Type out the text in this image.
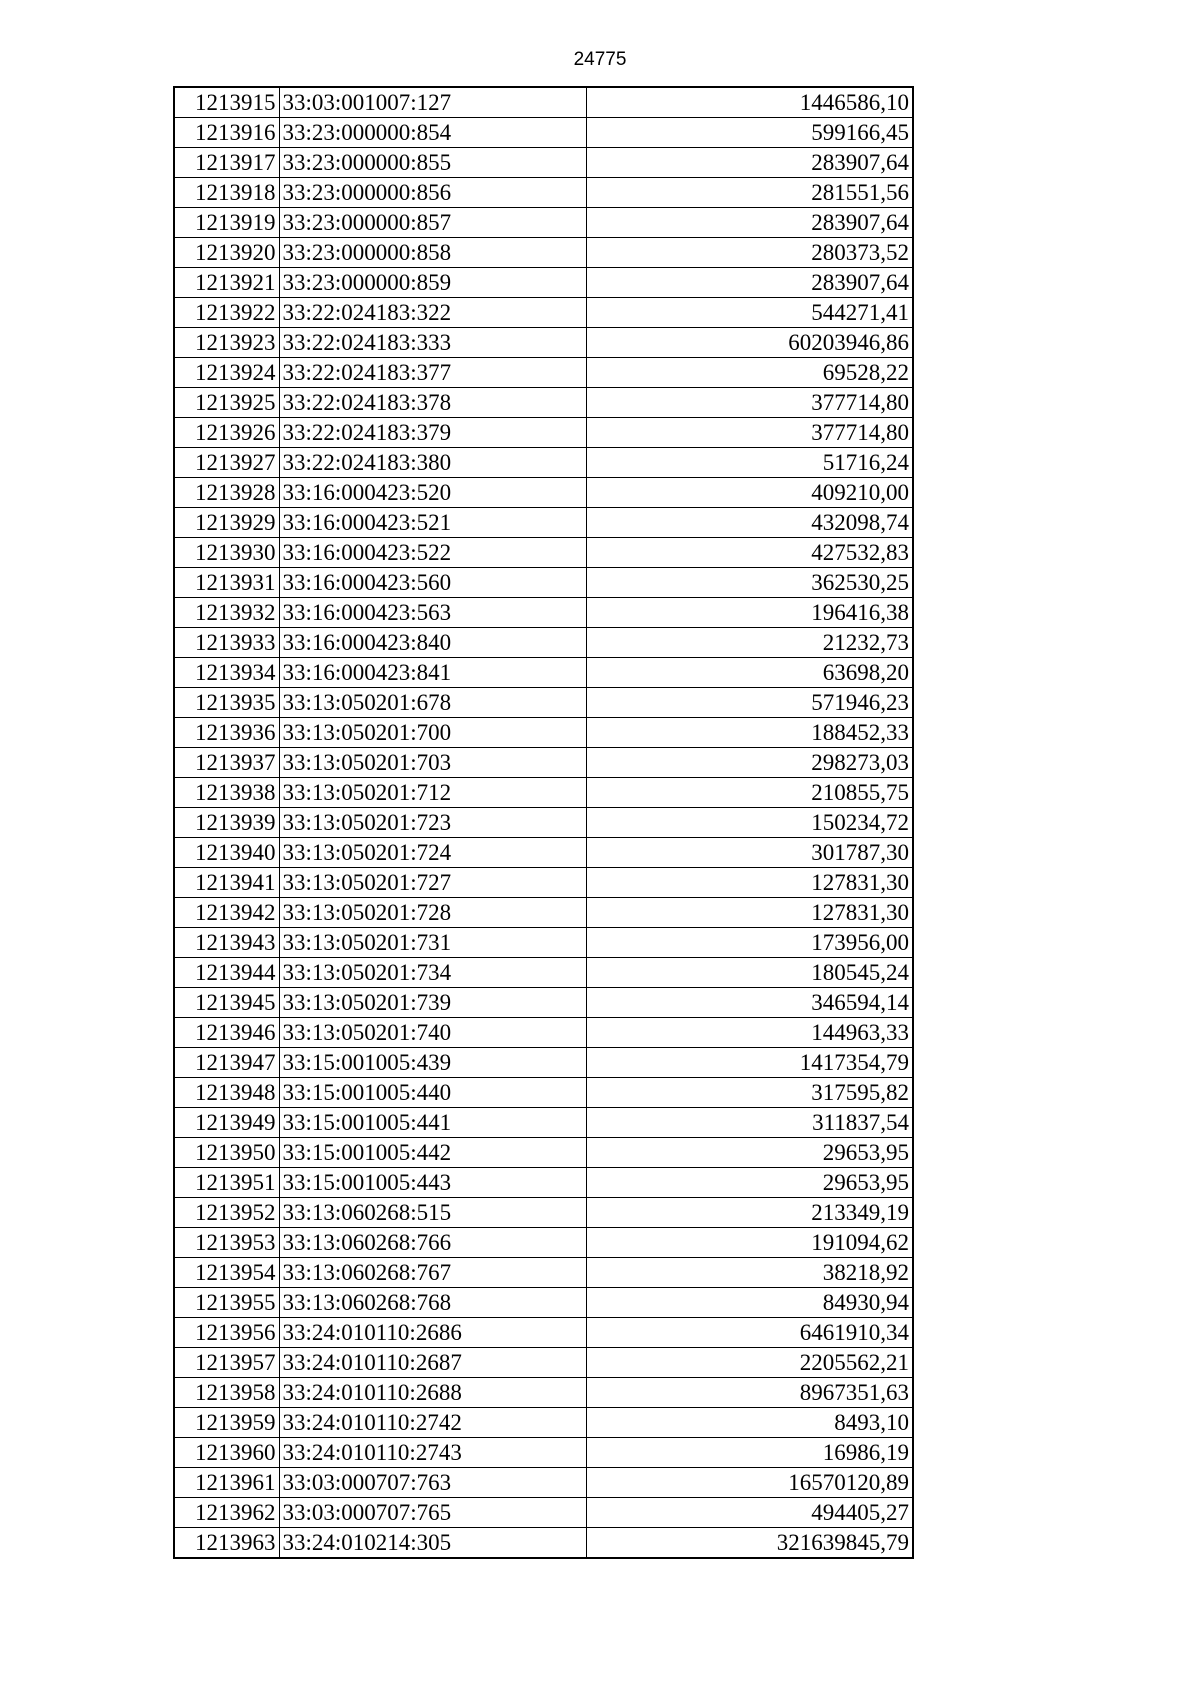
24775
1213915	33:03:001007:127	1446586,10
1213916	33:23:000000:854	599166,45
1213917	33:23:000000:855	283907,64
1213918	33:23:000000:856	281551,56
1213919	33:23:000000:857	283907,64
1213920	33:23:000000:858	280373,52
1213921	33:23:000000:859	283907,64
1213922	33:22:024183:322	544271,41
1213923	33:22:024183:333	60203946,86
1213924	33:22:024183:377	69528,22
1213925	33:22:024183:378	377714,80
1213926	33:22:024183:379	377714,80
1213927	33:22:024183:380	51716,24
1213928	33:16:000423:520	409210,00
1213929	33:16:000423:521	432098,74
1213930	33:16:000423:522	427532,83
1213931	33:16:000423:560	362530,25
1213932	33:16:000423:563	196416,38
1213933	33:16:000423:840	21232,73
1213934	33:16:000423:841	63698,20
1213935	33:13:050201:678	571946,23
1213936	33:13:050201:700	188452,33
1213937	33:13:050201:703	298273,03
1213938	33:13:050201:712	210855,75
1213939	33:13:050201:723	150234,72
1213940	33:13:050201:724	301787,30
1213941	33:13:050201:727	127831,30
1213942	33:13:050201:728	127831,30
1213943	33:13:050201:731	173956,00
1213944	33:13:050201:734	180545,24
1213945	33:13:050201:739	346594,14
1213946	33:13:050201:740	144963,33
1213947	33:15:001005:439	1417354,79
1213948	33:15:001005:440	317595,82
1213949	33:15:001005:441	311837,54
1213950	33:15:001005:442	29653,95
1213951	33:15:001005:443	29653,95
1213952	33:13:060268:515	213349,19
1213953	33:13:060268:766	191094,62
1213954	33:13:060268:767	38218,92
1213955	33:13:060268:768	84930,94
1213956	33:24:010110:2686	6461910,34
1213957	33:24:010110:2687	2205562,21
1213958	33:24:010110:2688	8967351,63
1213959	33:24:010110:2742	8493,10
1213960	33:24:010110:2743	16986,19
1213961	33:03:000707:763	16570120,89
1213962	33:03:000707:765	494405,27
1213963	33:24:010214:305	321639845,79
